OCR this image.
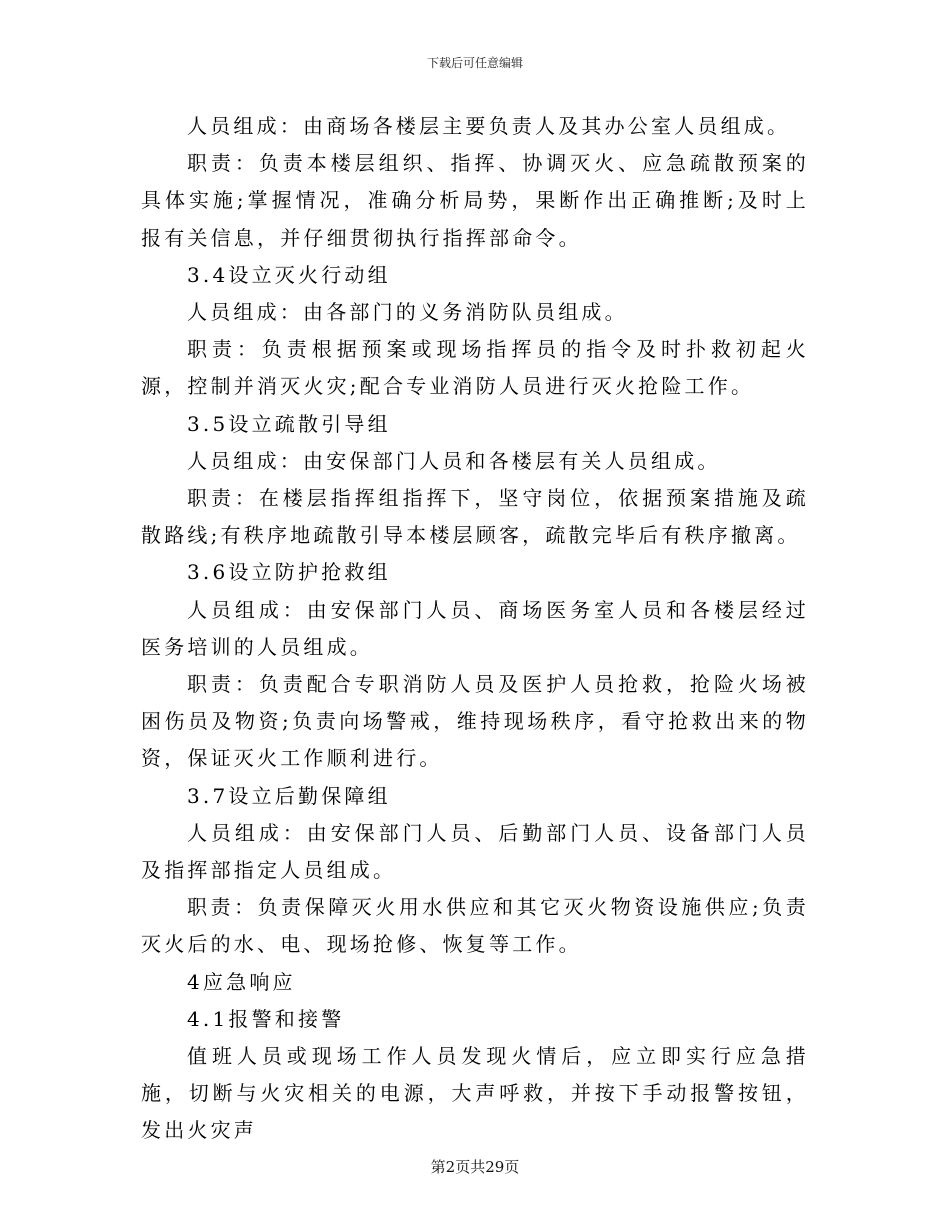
下载后可任意编辑

人员组成：由商场各楼层主要负责人及其办公室人员组成。

职责：负责本楼层组织、指挥、协调灭火、应急疏散预案的具体实施;掌握情况，准确分析局势，果断作出正确推断;及时上报有关信息，并仔细贯彻执行指挥部命令。

3.4设立灭火行动组

人员组成：由各部门的义务消防队员组成。

职责：负责根据预案或现场指挥员的指令及时扑救初起火源，控制并消灭火灾;配合专业消防人员进行灭火抢险工作。

3.5设立疏散引导组

人员组成：由安保部门人员和各楼层有关人员组成。

职责：在楼层指挥组指挥下，坚守岗位，依据预案措施及疏散路线;有秩序地疏散引导本楼层顾客，疏散完毕后有秩序撤离。

3.6设立防护抢救组

人员组成：由安保部门人员、商场医务室人员和各楼层经过医务培训的人员组成。

职责：负责配合专职消防人员及医护人员抢救，抢险火场被困伤员及物资;负责向场警戒，维持现场秩序，看守抢救出来的物资，保证灭火工作顺利进行。

3.7设立后勤保障组

人员组成：由安保部门人员、后勤部门人员、设备部门人员及指挥部指定人员组成。

职责：负责保障灭火用水供应和其它灭火物资设施供应;负责灭火后的水、电、现场抢修、恢复等工作。

4应急响应

4.1报警和接警

值班人员或现场工作人员发现火情后，应立即实行应急措施，切断与火灾相关的电源，大声呼救，并按下手动报警按钮，发出火灾声

第2页共29页
